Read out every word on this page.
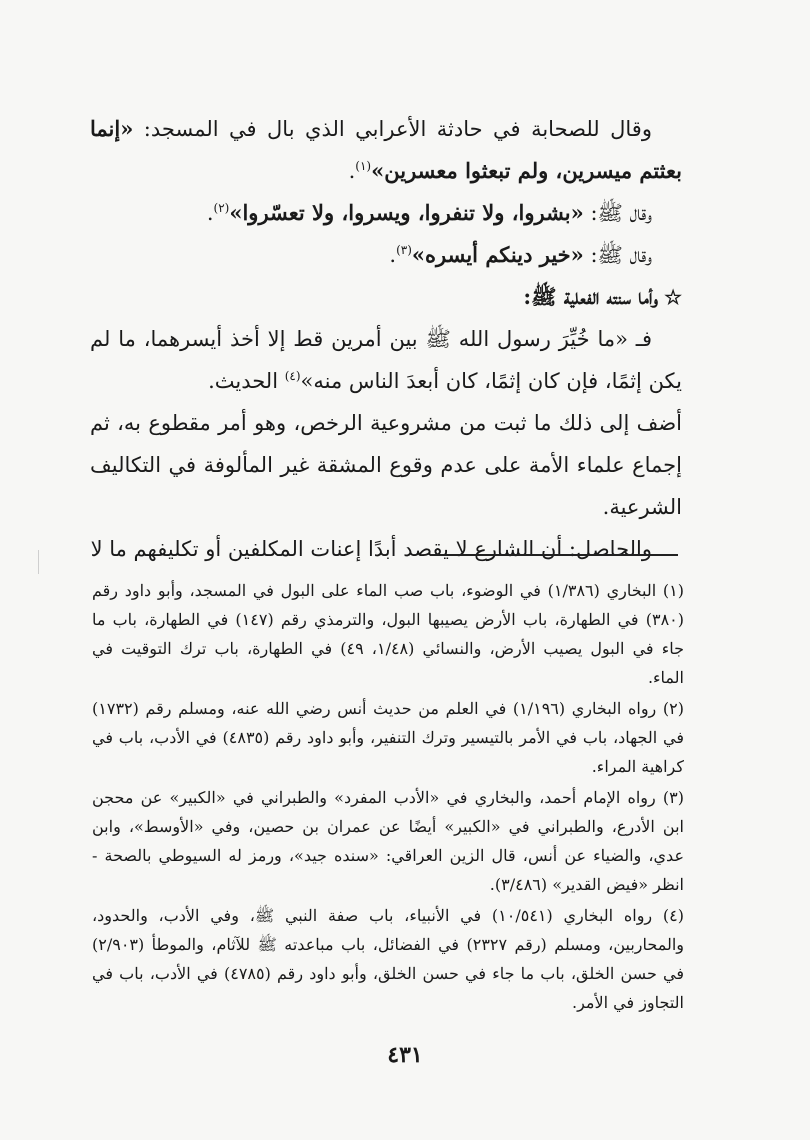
وقال للصحابة في حادثة الأعرابي الذي بال في المسجد: «إنما بعثتم ميسرين، ولم تبعثوا معسرين»$^{(١)}$.

وقال ﷺ: «بشروا، ولا تنفروا، ويسروا، ولا تعسّروا»$^{(٢)}$.

وقال ﷺ: «خير دينكم أيسره»$^{(٣)}$.

☆وأما سنته الفعلية ﷺ:

فـ «ما خُيِّرَ رسول الله ﷺ بين أمرين قط إلا أخذ أيسرهما، ما لم يكن إثمًا، فإن كان إثمًا، كان أبعدَ الناس منه»$^{(٤)}$ الحديث.

أضف إلى ذلك ما ثبت من مشروعية الرخص، وهو أمر مقطوع به، ثم إجماع علماء الأمة على عدم وقوع المشقة غير المألوفة في التكاليف الشرعية.

والحاصل: أن الشارع لا يقصد أبدًا إعنات المكلفين أو تكليفهم ما لا

(١) البخاري (١/٣٨٦) في الوضوء، باب صب الماء على البول في المسجد، وأبو داود رقم (٣٨٠) في الطهارة، باب الأرض يصيبها البول، والترمذي رقم (١٤٧) في الطهارة، باب ما جاء في البول يصيب الأرض، والنسائي (١/٤٨، ٤٩) في الطهارة، باب ترك التوقيت في الماء.

(٢) رواه البخاري (١/١٩٦) في العلم من حديث أنس رضي الله عنه، ومسلم رقم (١٧٣٢) في الجهاد، باب في الأمر بالتيسير وترك التنفير، وأبو داود رقم (٤٨٣٥) في الأدب، باب في كراهية المراء.

(٣) رواه الإمام أحمد، والبخاري في «الأدب المفرد» والطبراني في «الكبير» عن محجن ابن الأدرع، والطبراني في «الكبير» أيضًا عن عمران بن حصين، وفي «الأوسط»، وابن عدي، والضياء عن أنس، قال الزين العراقي: «سنده جيد»، ورمز له السيوطي بالصحة - انظر «فيض القدير» (٣/٤٨٦).

(٤) رواه البخاري (١٠/٥٤١) في الأنبياء، باب صفة النبي ﷺ، وفي الأدب، والحدود، والمحاربين، ومسلم (رقم ٢٣٢٧) في الفضائل، باب مباعدته ﷺ للآثام، والموطأ (٢/٩٠٣) في حسن الخلق، باب ما جاء في حسن الخلق، وأبو داود رقم (٤٧٨٥) في الأدب، باب في التجاوز في الأمر.

٤٣١
